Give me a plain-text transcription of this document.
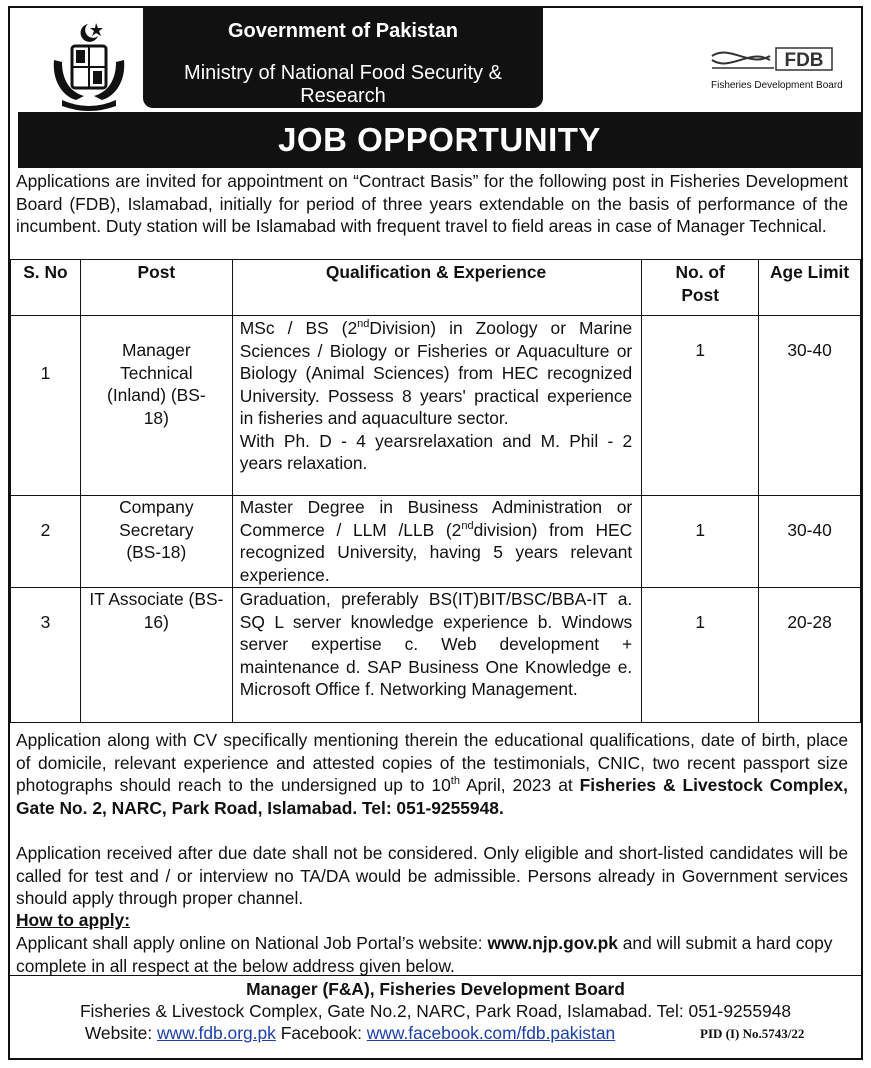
Government of Pakistan
Ministry of National Food Security & Research
JOB OPPORTUNITY
FDB
Fisheries Development Board

Applications are invited for appointment on “Contract Basis” for the following post in Fisheries Development Board (FDB), Islamabad, initially for period of three years extendable on the basis of performance of the incumbent. Duty station will be Islamabad with frequent travel to field areas in case of Manager Technical.

S. No	Post	Qualification & Experience	No. of Post	Age Limit
1	Manager Technical (Inland) (BS-18)	MSc / BS (2ndDivision) in Zoology or Marine Sciences / Biology or Fisheries or Aquaculture or Biology (Animal Sciences) from HEC recognized University. Possess 8 years' practical experience in fisheries and aquaculture sector.
With Ph. D - 4 yearsrelaxation and M. Phil - 2 years relaxation.	1	30-40
2	Company Secretary (BS-18)	Master Degree in Business Administration or Commerce / LLM /LLB (2nddivision) from HEC recognized University, having 5 years relevant experience.	1	30-40
3	IT Associate (BS-16)	Graduation, preferably BS(IT)BIT/BSC/BBA-IT a. SQ L server knowledge experience b. Windows server expertise c. Web development + maintenance d. SAP Business One Knowledge e. Microsoft Office f. Networking Management.	1	20-28

Application along with CV specifically mentioning therein the educational qualifications, date of birth, place of domicile, relevant experience and attested copies of the testimonials, CNIC, two recent passport size photographs should reach to the undersigned up to 10th April, 2023 at Fisheries & Livestock Complex, Gate No. 2, NARC, Park Road, Islamabad. Tel: 051-9255948.

Application received after due date shall not be considered. Only eligible and short-listed candidates will be called for test and / or interview no TA/DA would be admissible. Persons already in Government services should apply through proper channel.

How to apply:

Applicant shall apply online on National Job Portal’s website: www.njp.gov.pk and will submit a hard copy complete in all respect at the below address given below.

Manager (F&A), Fisheries Development Board
Fisheries & Livestock Complex, Gate No.2, NARC, Park Road, Islamabad. Tel: 051-9255948
Website: www.fdb.org.pk Facebook: www.facebook.com/fdb.pakistan	PID (I) No.5743/22
